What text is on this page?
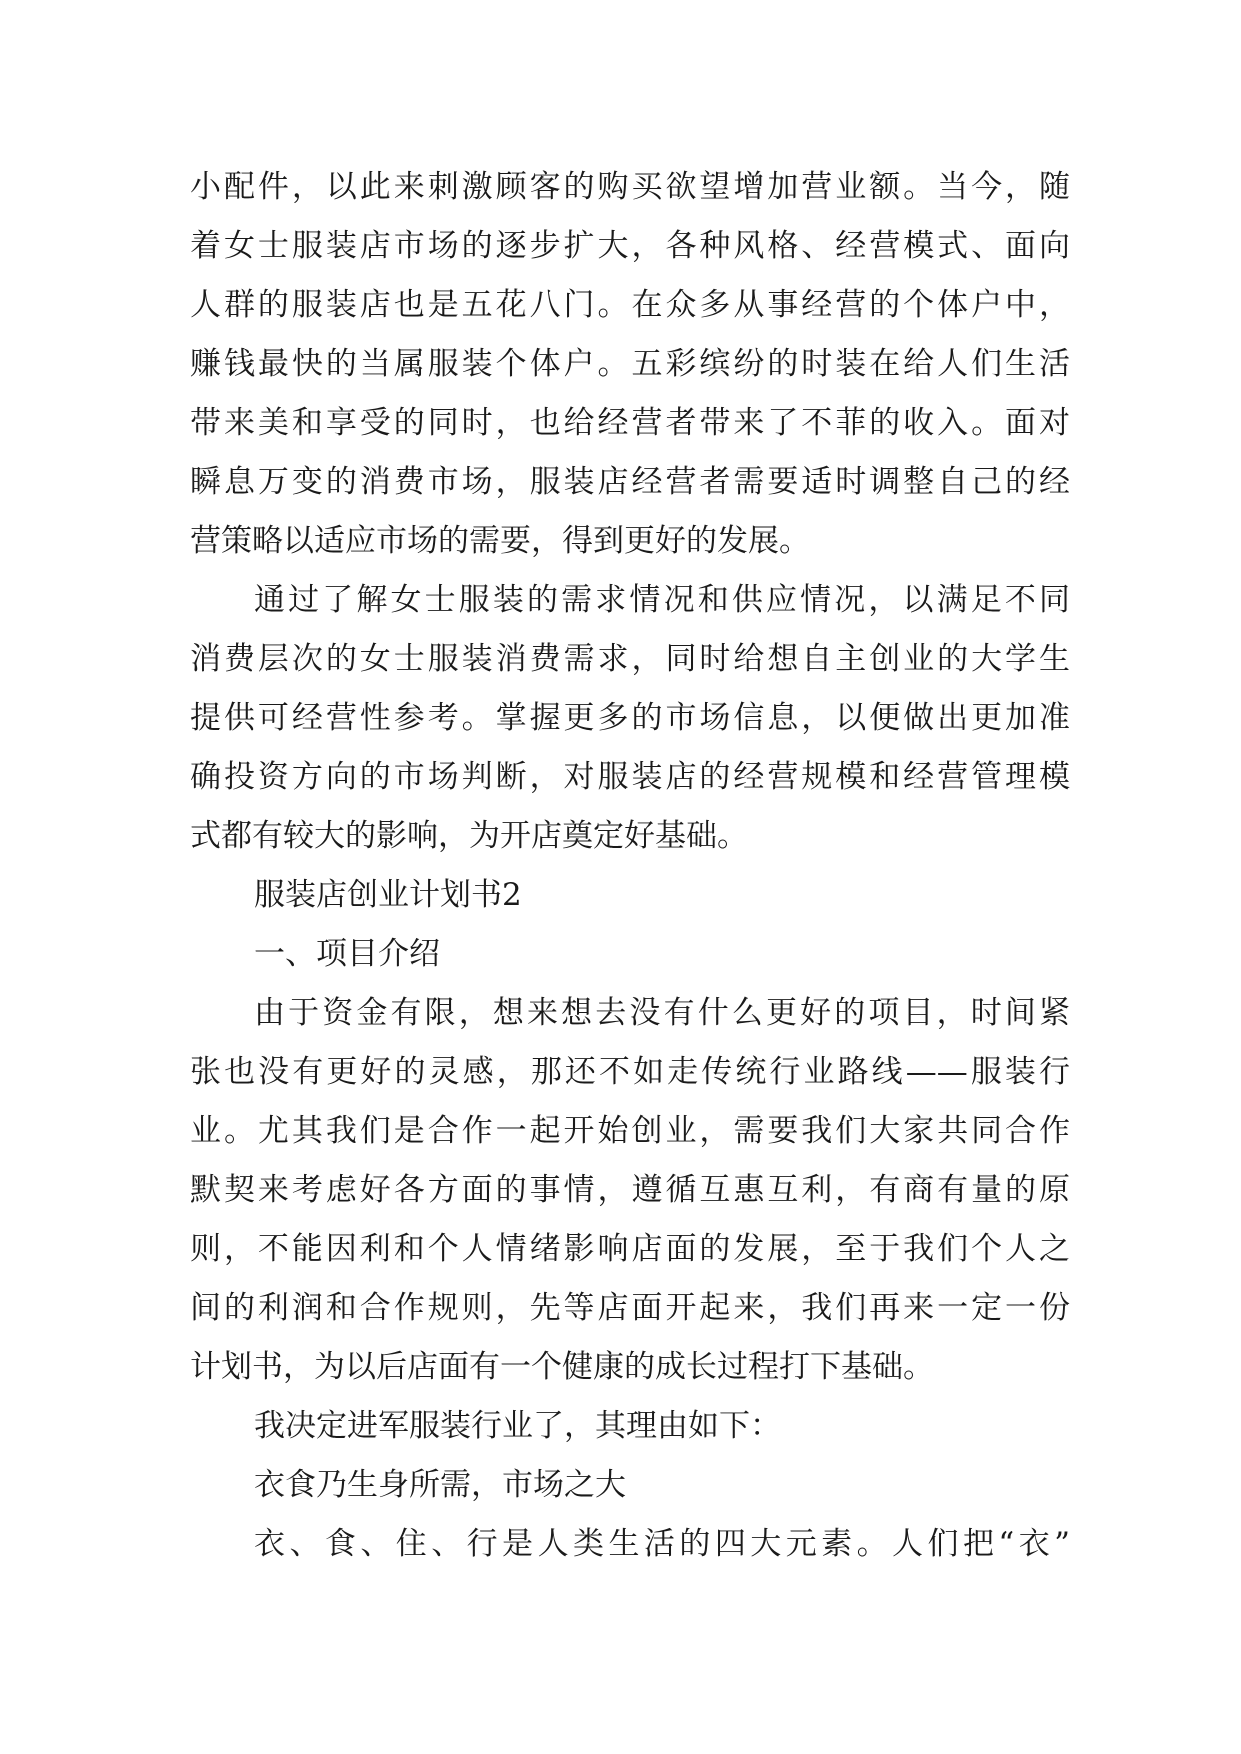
小配件，以此来刺激顾客的购买欲望增加营业额。当今，随
着女士服装店市场的逐步扩大，各种风格、经营模式、面向
人群的服装店也是五花八门。在众多从事经营的个体户中，
赚钱最快的当属服装个体户。五彩缤纷的时装在给人们生活
带来美和享受的同时，也给经营者带来了不菲的收入。面对
瞬息万变的消费市场，服装店经营者需要适时调整自己的经
营策略以适应市场的需要，得到更好的发展。
通过了解女士服装的需求情况和供应情况，以满足不同
消费层次的女士服装消费需求，同时给想自主创业的大学生
提供可经营性参考。掌握更多的市场信息，以便做出更加准
确投资方向的市场判断，对服装店的经营规模和经营管理模
式都有较大的影响，为开店奠定好基础。
服装店创业计划书2
一、项目介绍
由于资金有限，想来想去没有什么更好的项目，时间紧
张也没有更好的灵感，那还不如走传统行业路线——服装行
业。尤其我们是合作一起开始创业，需要我们大家共同合作
默契来考虑好各方面的事情，遵循互惠互利，有商有量的原
则，不能因利和个人情绪影响店面的发展，至于我们个人之
间的利润和合作规则，先等店面开起来，我们再来一定一份
计划书，为以后店面有一个健康的成长过程打下基础。
我决定进军服装行业了，其理由如下：
衣食乃生身所需，市场之大
衣、食、住、行是人类生活的四大元素。人们把“衣”
